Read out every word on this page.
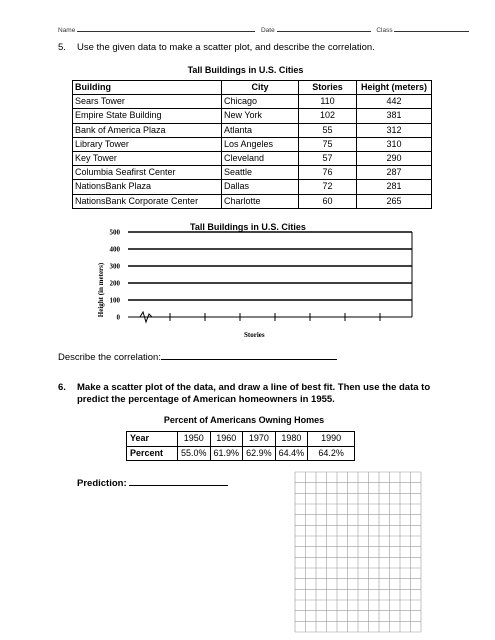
Name	Date	Class
5. Use the given data to make a scatter plot, and describe the correlation.
Tall Buildings in U.S. Cities
Building	City	Stories	Height (meters)
Sears Tower	Chicago	110	442
Empire State Building	New York	102	381
Bank of America Plaza	Atlanta	55	312
Library Tower	Los Angeles	75	310
Key Tower	Cleveland	57	290
Columbia Seafirst Center	Seattle	76	287
NationsBank Plaza	Dallas	72	281
NationsBank Corporate Center	Charlotte	60	265
Tall Buildings in U.S. Cities
Height (in meters)
0
100
200
300
400
500
Stories
Describe the correlation:
6. Make a scatter plot of the data, and draw a line of best fit. Then use the data to
predict the percentage of American homeowners in 1955.
Percent of Americans Owning Homes
Year	1950	1960	1970	1980	1990
Percent	55.0%	61.9%	62.9%	64.4%	64.2%
Prediction:
